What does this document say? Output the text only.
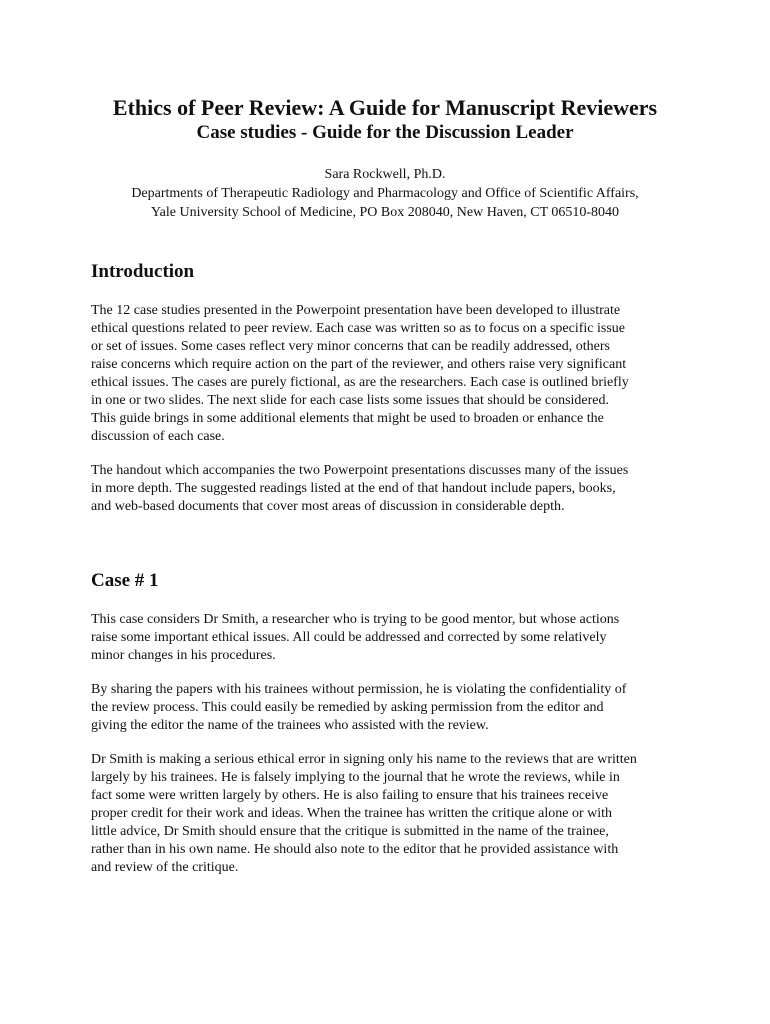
Ethics of Peer Review: A Guide for Manuscript Reviewers
Case studies - Guide for the Discussion Leader
Sara Rockwell, Ph.D.
Departments of Therapeutic Radiology and Pharmacology and Office of Scientific Affairs,
Yale University School of Medicine, PO Box 208040, New Haven, CT 06510-8040
Introduction

The 12 case studies presented in the Powerpoint presentation have been developed to illustrate
ethical questions related to peer review. Each case was written so as to focus on a specific issue
or set of issues. Some cases reflect very minor concerns that can be readily addressed, others
raise concerns which require action on the part of the reviewer, and others raise very significant
ethical issues. The cases are purely fictional, as are the researchers. Each case is outlined briefly
in one or two slides. The next slide for each case lists some issues that should be considered.
This guide brings in some additional elements that might be used to broaden or enhance the
discussion of each case.

The handout which accompanies the two Powerpoint presentations discusses many of the issues
in more depth. The suggested readings listed at the end of that handout include papers, books,
and web-based documents that cover most areas of discussion in considerable depth.

Case # 1

This case considers Dr Smith, a researcher who is trying to be good mentor, but whose actions
raise some important ethical issues. All could be addressed and corrected by some relatively
minor changes in his procedures.

By sharing the papers with his trainees without permission, he is violating the confidentiality of
the review process. This could easily be remedied by asking permission from the editor and
giving the editor the name of the trainees who assisted with the review.

Dr Smith is making a serious ethical error in signing only his name to the reviews that are written
largely by his trainees. He is falsely implying to the journal that he wrote the reviews, while in
fact some were written largely by others. He is also failing to ensure that his trainees receive
proper credit for their work and ideas. When the trainee has written the critique alone or with
little advice, Dr Smith should ensure that the critique is submitted in the name of the trainee,
rather than in his own name. He should also note to the editor that he provided assistance with
and review of the critique.
